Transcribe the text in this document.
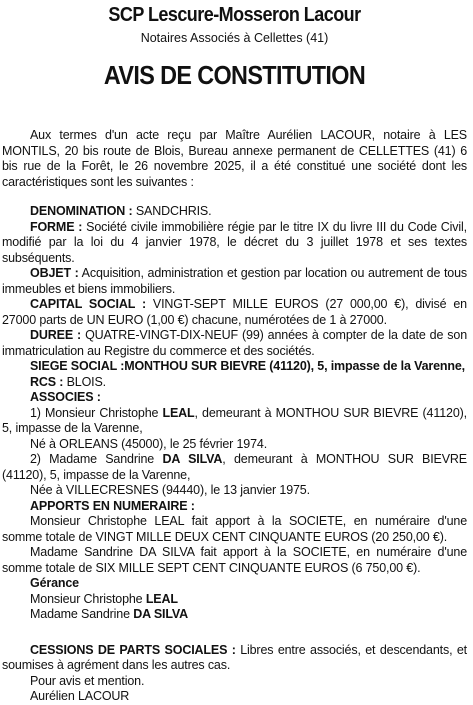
SCP Lescure-Mosseron Lacour

Notaires Associés à Cellettes (41)

AVIS DE CONSTITUTION

Aux termes d'un acte reçu par Maître Aurélien LACOUR, notaire à LES MONTILS, 20 bis route de Blois, Bureau annexe permanent de CELLETTES (41) 6 bis rue de la Forêt, le 26 novembre 2025, il a été constitué une société dont les caractéristiques sont les suivantes :

DENOMINATION : SANDCHRIS.

FORME : Société civile immobilière régie par le titre IX du livre III du Code Civil, modifié par la loi du 4 janvier 1978, le décret du 3 juillet 1978 et ses textes subséquents.

OBJET : Acquisition, administration et gestion par location ou autrement de tous immeubles et biens immobiliers.

CAPITAL SOCIAL : VINGT-SEPT MILLE EUROS (27 000,00 €), divisé en 27000 parts de UN EURO (1,00 €) chacune, numérotées de 1 à 27000.

DUREE : QUATRE-VINGT-DIX-NEUF (99) années à compter de la date de son immatriculation au Registre du commerce et des sociétés.

SIEGE SOCIAL :MONTHOU SUR BIEVRE (41120), 5, impasse de la Varenne,

RCS : BLOIS.

ASSOCIES :

1) Monsieur Christophe LEAL, demeurant à MONTHOU SUR BIEVRE (41120), 5, impasse de la Varenne,

Né à ORLEANS (45000), le 25 février 1974.

2) Madame Sandrine DA SILVA, demeurant à MONTHOU SUR BIEVRE (41120), 5, impasse de la Varenne,

Née à VILLECRESNES (94440), le 13 janvier 1975.

APPORTS EN NUMERAIRE :

Monsieur Christophe LEAL fait apport à la SOCIETE, en numéraire d'une somme totale de VINGT MILLE DEUX CENT CINQUANTE EUROS (20 250,00 €).

Madame Sandrine DA SILVA fait apport à la SOCIETE, en numéraire d'une somme totale de SIX MILLE SEPT CENT CINQUANTE EUROS (6 750,00 €).

Gérance

Monsieur Christophe LEAL

Madame Sandrine DA SILVA

CESSIONS DE PARTS SOCIALES : Libres entre associés, et descendants, et soumises à agrément dans les autres cas.

Pour avis et mention.

Aurélien LACOUR
